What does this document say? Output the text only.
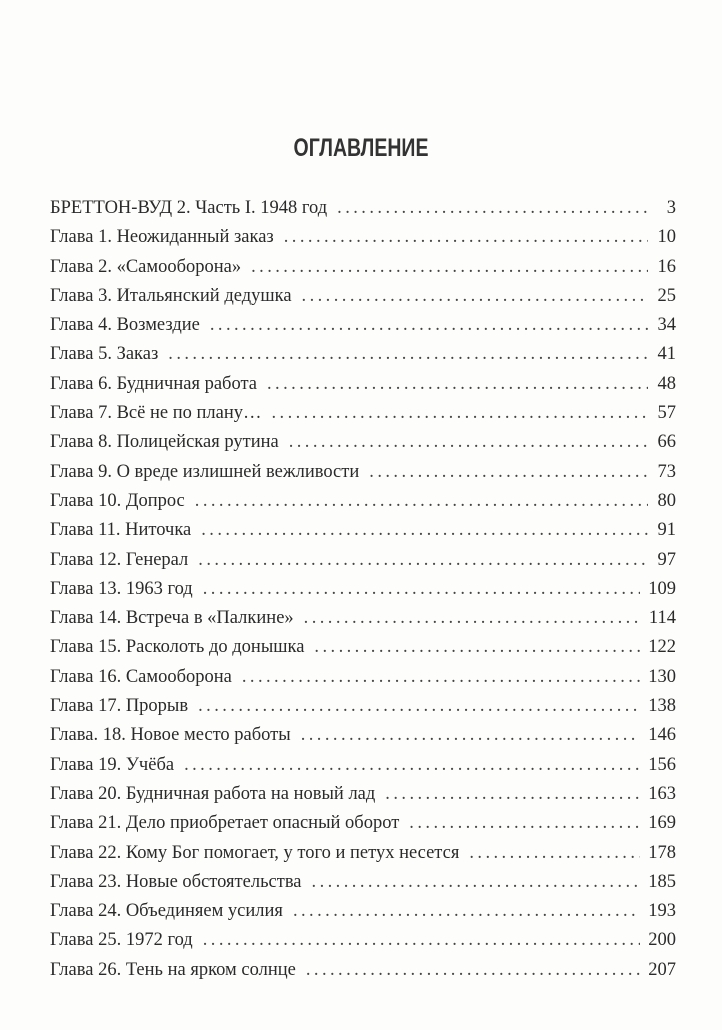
ОГЛАВЛЕНИЕ
БРЕТТОН-ВУД 2. Часть I. 1948 год . . .	3
Глава 1. Неожиданный заказ . . .	10
Глава 2. «Самооборона» . . .	16
Глава 3. Итальянский дедушка . . .	25
Глава 4. Возмездие . . .	34
Глава 5. Заказ . . .	41
Глава 6. Будничная работа . . .	48
Глава 7. Всё не по плану… . . .	57
Глава 8. Полицейская рутина . . .	66
Глава 9. О вреде излишней вежливости . . .	73
Глава 10. Допрос . . .	80
Глава 11. Ниточка . . .	91
Глава 12. Генерал . . .	97
Глава 13. 1963 год . . .	109
Глава 14. Встреча в «Палкине» . . .	114
Глава 15. Расколоть до донышка . . .	122
Глава 16. Самооборона . . .	130
Глава 17. Прорыв . . .	138
Глава. 18. Новое место работы . . .	146
Глава 19. Учёба . . .	156
Глава 20. Будничная работа на новый лад . . .	163
Глава 21. Дело приобретает опасный оборот . . .	169
Глава 22. Кому Бог помогает, у того и петух несется . . .	178
Глава 23. Новые обстоятельства . . .	185
Глава 24. Объединяем усилия . . .	193
Глава 25. 1972 год . . .	200
Глава 26. Тень на ярком солнце . . .	207
